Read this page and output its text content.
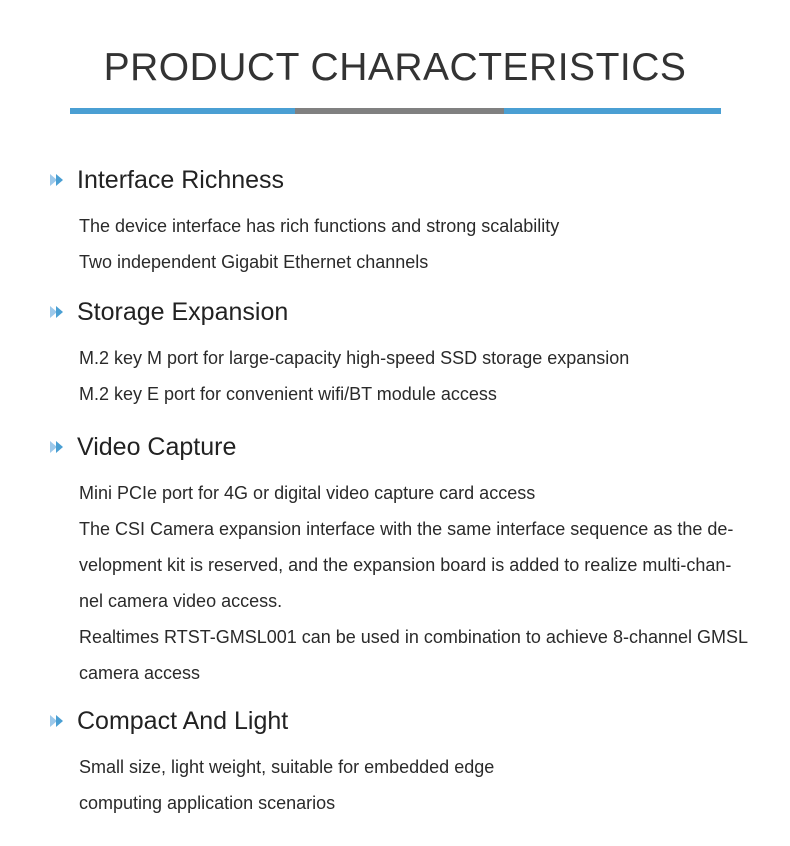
PRODUCT CHARACTERISTICS
Interface Richness
The device interface has rich functions and strong scalability
Two independent Gigabit Ethernet channels
Storage Expansion
M.2 key M port for large-capacity high-speed SSD storage expansion
M.2 key E port for convenient wifi/BT module access
Video Capture
Mini PCIe port for 4G or digital video capture card access
The CSI Camera expansion interface with the same interface sequence as the de-
velopment kit is reserved, and the expansion board is added to realize multi-chan-
nel camera video access.
Realtimes RTST-GMSL001 can be used in combination to achieve 8-channel GMSL
camera access
Compact And Light
Small size, light weight, suitable for embedded edge
computing application scenarios
